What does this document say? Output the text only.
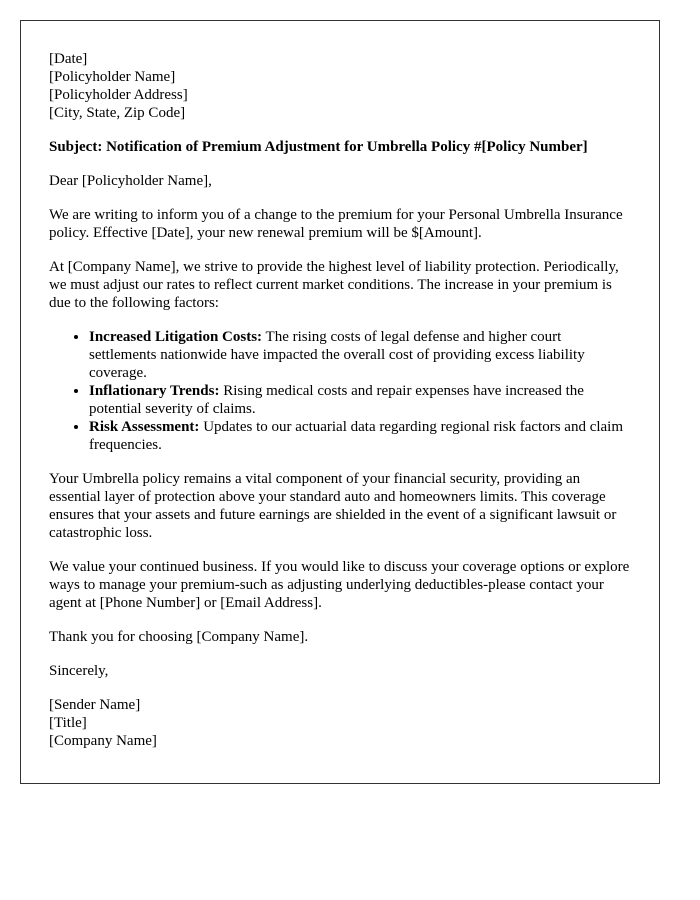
[Date]
[Policyholder Name]
[Policyholder Address]
[City, State, Zip Code]

Subject: Notification of Premium Adjustment for Umbrella Policy #[Policy Number]

Dear [Policyholder Name],

We are writing to inform you of a change to the premium for your Personal Umbrella Insurance policy. Effective [Date], your new renewal premium will be $[Amount].

At [Company Name], we strive to provide the highest level of liability protection. Periodically, we must adjust our rates to reflect current market conditions. The increase in your premium is due to the following factors:

• Increased Litigation Costs: The rising costs of legal defense and higher court settlements nationwide have impacted the overall cost of providing excess liability coverage.
• Inflationary Trends: Rising medical costs and repair expenses have increased the potential severity of claims.
• Risk Assessment: Updates to our actuarial data regarding regional risk factors and claim frequencies.

Your Umbrella policy remains a vital component of your financial security, providing an essential layer of protection above your standard auto and homeowners limits. This coverage ensures that your assets and future earnings are shielded in the event of a significant lawsuit or catastrophic loss.

We value your continued business. If you would like to discuss your coverage options or explore ways to manage your premium-such as adjusting underlying deductibles-please contact your agent at [Phone Number] or [Email Address].

Thank you for choosing [Company Name].

Sincerely,

[Sender Name]
[Title]
[Company Name]
